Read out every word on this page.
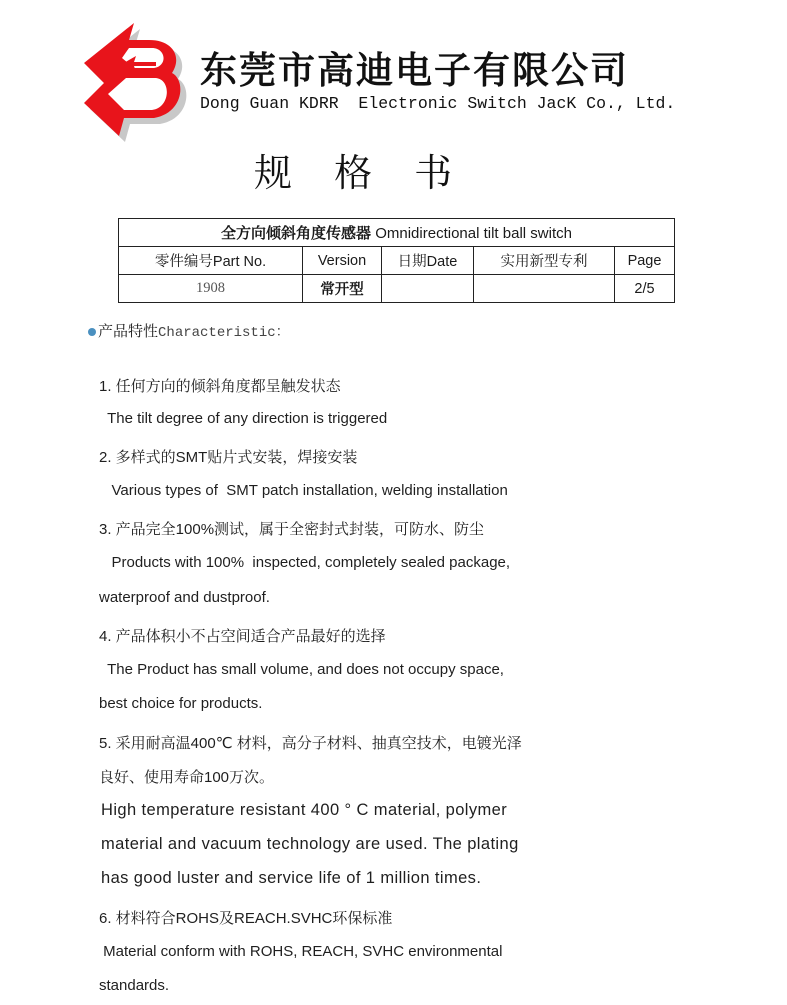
东莞市高迪电子有限公司
Dong Guan KDRR  Electronic Switch JacK Co., Ltd.
规 格 书
全方向倾斜角度传感器 Omnidirectional tilt ball switch				
零件编号Part No.	Version	日期Date	实用新型专利	Page
1908	常开型			2/5
产品特性Characteristic：
1. 任何方向的倾斜角度都呈触发状态
The tilt degree of any direction is triggered
2. 多样式的SMT贴片式安装，焊接安装
Various types of  SMT patch installation, welding installation
3. 产品完全100%测试，属于全密封式封装，可防水、防尘
Products with 100%  inspected, completely sealed package,
waterproof and dustproof.
4. 产品体积小不占空间适合产品最好的选择
The Product has small volume, and does not occupy space,
best choice for products.
5. 采用耐高温400℃ 材料，高分子材料、抽真空技术，电镀光泽
良好、使用寿命100万次。
High temperature resistant 400 ° C material, polymer
material and vacuum technology are used. The plating
has good luster and service life of 1 million times.
6. 材料符合ROHS及REACH.SVHC环保标准
Material conform with ROHS, REACH, SVHC environmental
standards.
